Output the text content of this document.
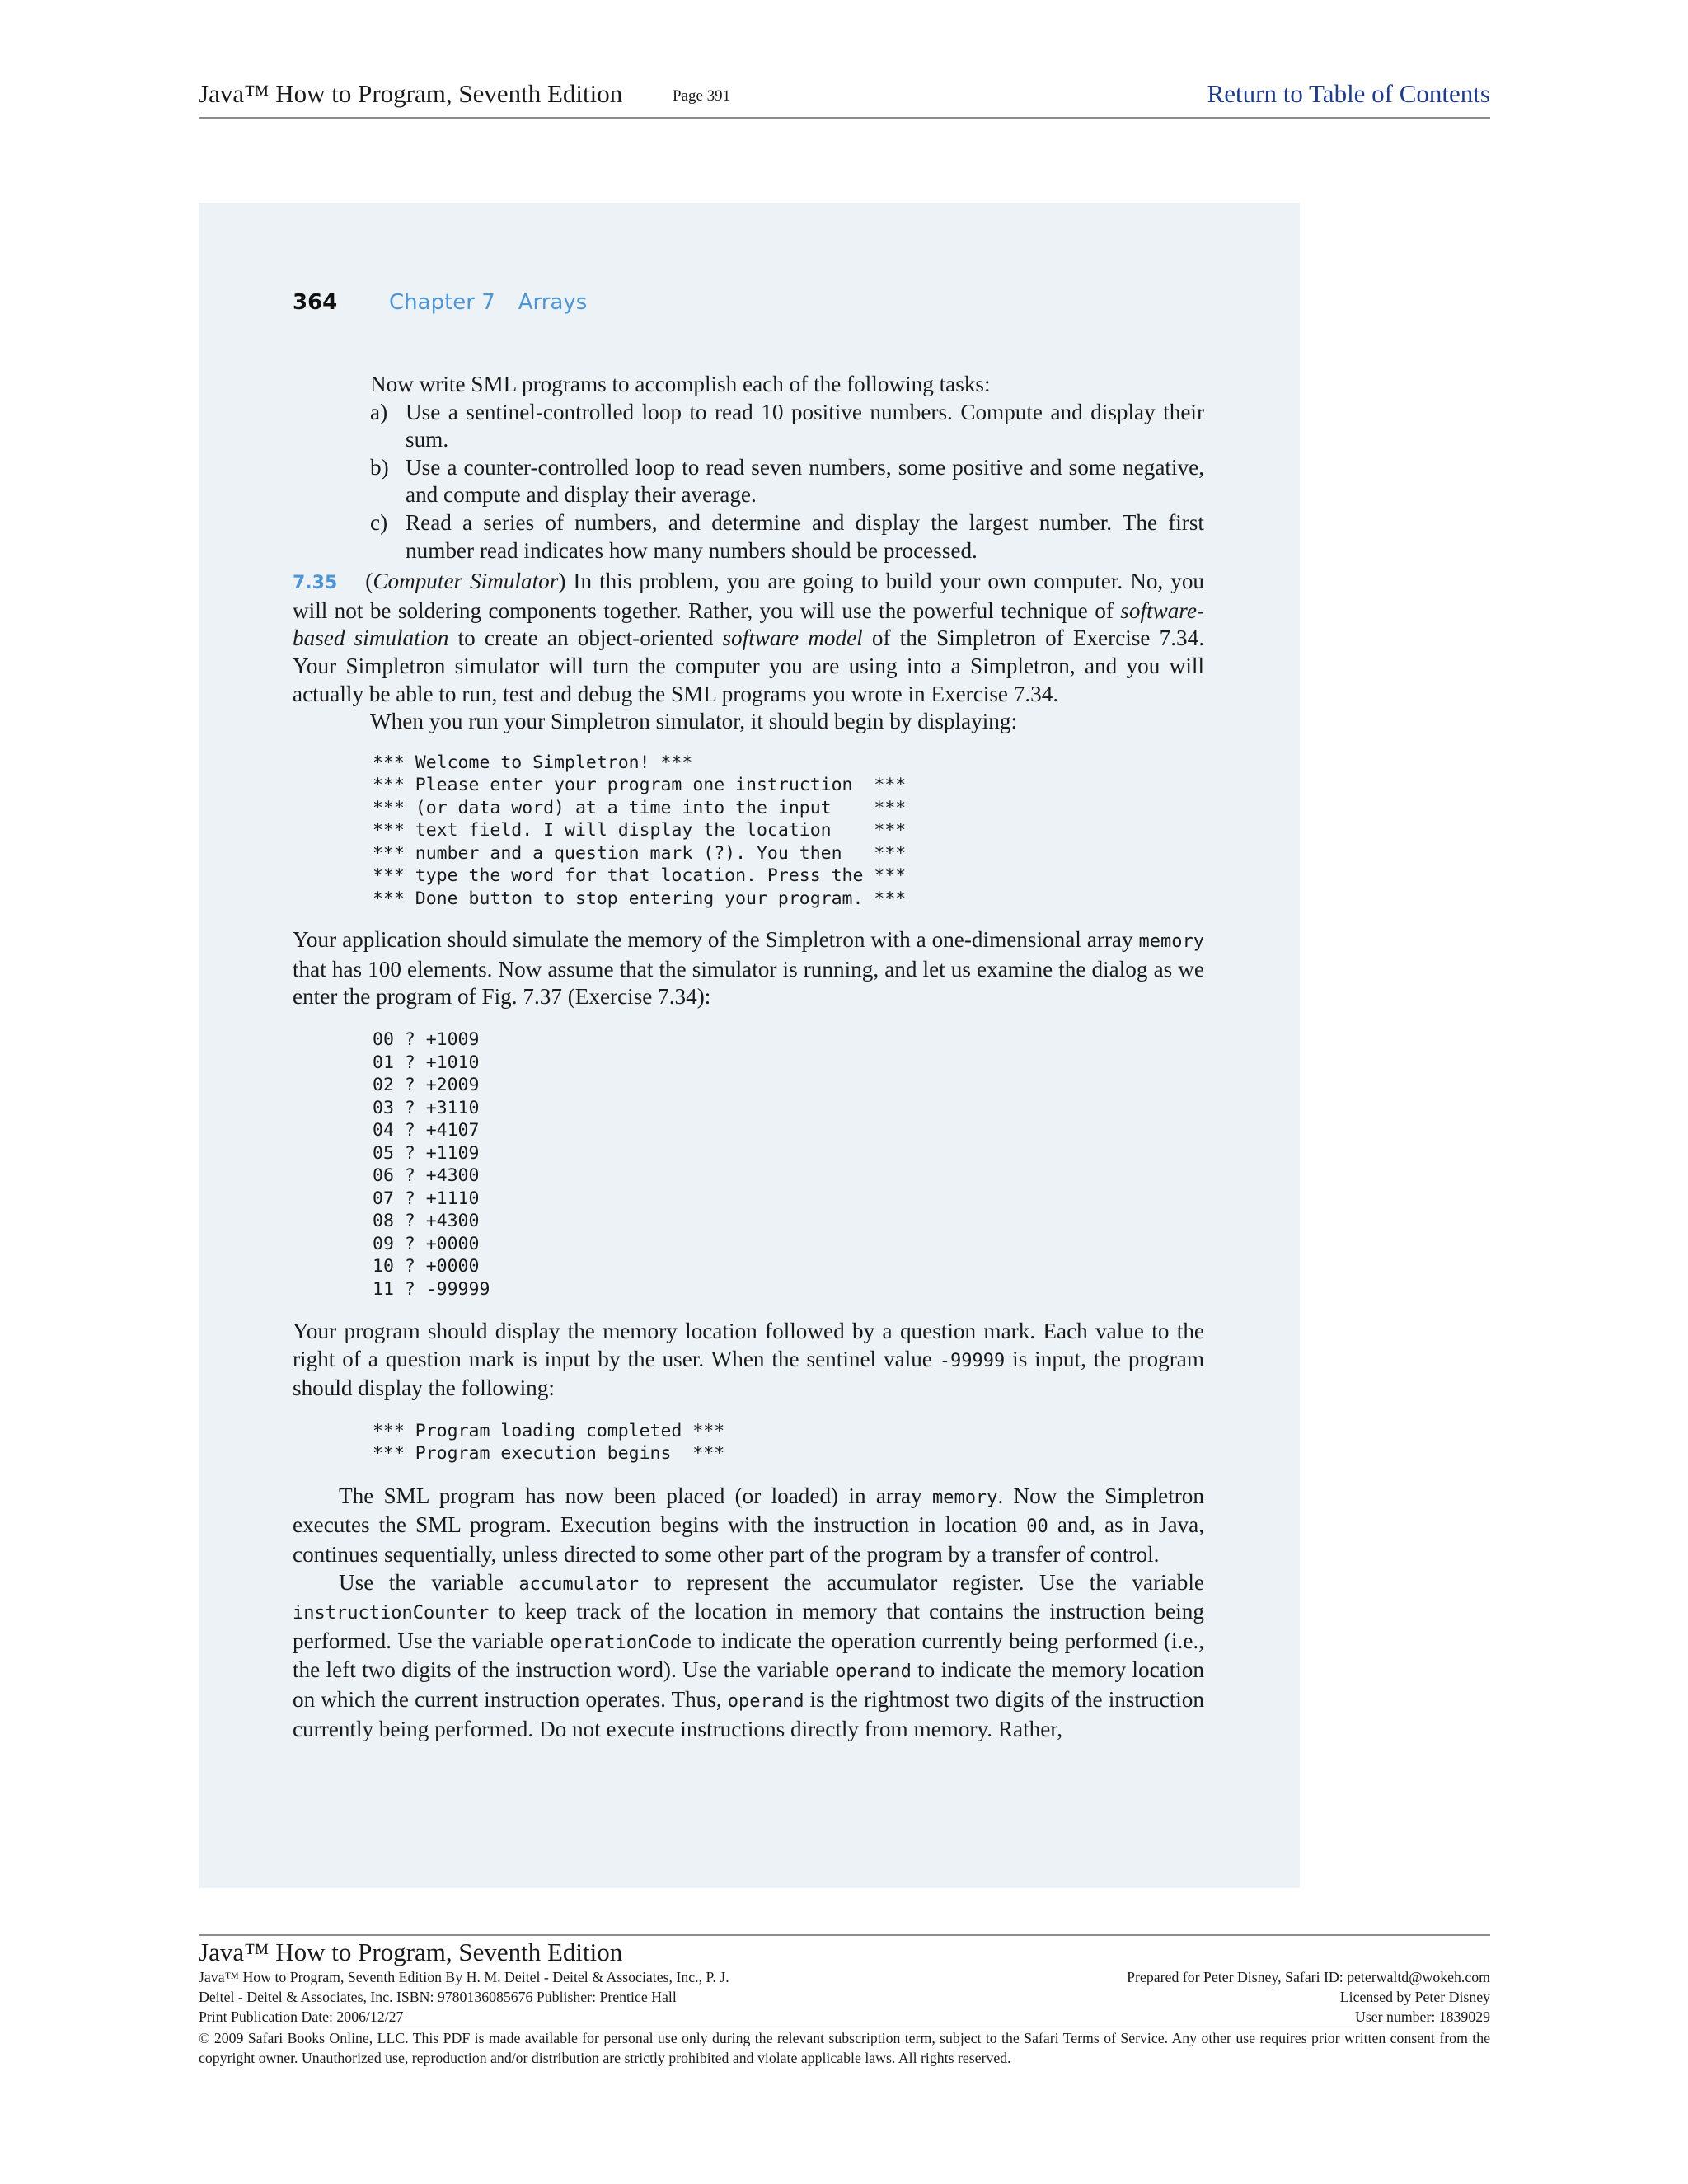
Java™ How to Program, Seventh Edition	Page 391	Return to Table of Contents
364 Chapter 7 Arrays

Now write SML programs to accomplish each of the following tasks:

a) Use a sentinel-controlled loop to read 10 positive numbers. Compute and display their sum.

b) Use a counter-controlled loop to read seven numbers, some positive and some negative, and compute and display their average.

c) Read a series of numbers, and determine and display the largest number. The first number read indicates how many numbers should be processed.

7.35 (Computer Simulator) In this problem, you are going to build your own computer. No, you will not be soldering components together. Rather, you will use the powerful technique of software-based simulation to create an object-oriented software model of the Simpletron of Exercise 7.34. Your Simpletron simulator will turn the computer you are using into a Simpletron, and you will actually be able to run, test and debug the SML programs you wrote in Exercise 7.34.

When you run your Simpletron simulator, it should begin by displaying:

*** Welcome to Simpletron! ***
*** Please enter your program one instruction  ***
*** (or data word) at a time into the input    ***
*** text field. I will display the location    ***
*** number and a question mark (?). You then   ***
*** type the word for that location. Press the ***
*** Done button to stop entering your program. ***

Your application should simulate the memory of the Simpletron with a one-dimensional array memory that has 100 elements. Now assume that the simulator is running, and let us examine the dialog as we enter the program of Fig. 7.37 (Exercise 7.34):

00 ? +1009
01 ? +1010
02 ? +2009
03 ? +3110
04 ? +4107
05 ? +1109
06 ? +4300
07 ? +1110
08 ? +4300
09 ? +0000
10 ? +0000
11 ? -99999

Your program should display the memory location followed by a question mark. Each value to the right of a question mark is input by the user. When the sentinel value -99999 is input, the program should display the following:

*** Program loading completed ***
*** Program execution begins  ***

The SML program has now been placed (or loaded) in array memory. Now the Simpletron executes the SML program. Execution begins with the instruction in location 00 and, as in Java, continues sequentially, unless directed to some other part of the program by a transfer of control.

Use the variable accumulator to represent the accumulator register. Use the variable instructionCounter to keep track of the location in memory that contains the instruction being performed. Use the variable operationCode to indicate the operation currently being performed (i.e., the left two digits of the instruction word). Use the variable operand to indicate the memory location on which the current instruction operates. Thus, operand is the rightmost two digits of the instruction currently being performed. Do not execute instructions directly from memory. Rather,

Java™ How to Program, Seventh Edition
Java™ How to Program, Seventh Edition By H. M. Deitel - Deitel & Associates, Inc., P. J.
Deitel - Deitel & Associates, Inc. ISBN: 9780136085676 Publisher: Prentice Hall
Print Publication Date: 2006/12/27
Prepared for Peter Disney, Safari ID: peterwaltd@wokeh.com
Licensed by Peter Disney
User number: 1839029
© 2009 Safari Books Online, LLC. This PDF is made available for personal use only during the relevant subscription term, subject to the Safari Terms of Service. Any other use requires prior written consent from the copyright owner. Unauthorized use, reproduction and/or distribution are strictly prohibited and violate applicable laws. All rights reserved.
